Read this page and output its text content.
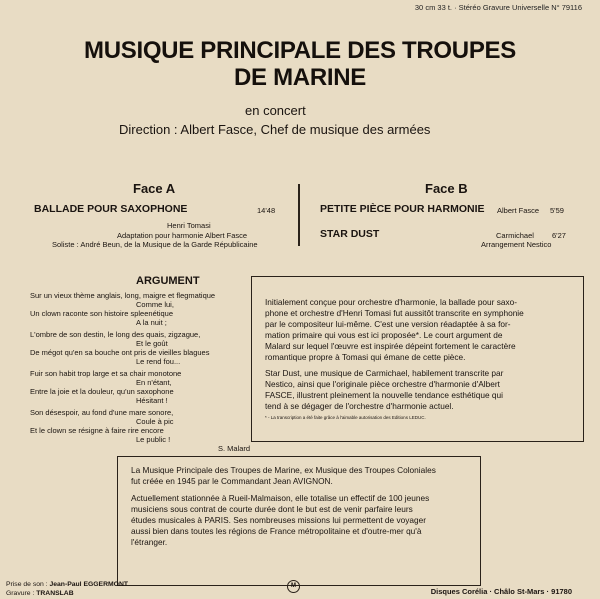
30 cm 33 t. · Stéréo Gravure Universelle N° 79116
MUSIQUE PRINCIPALE DES TROUPES
DE MARINE
en concert
Direction : Albert Fasce, Chef de musique des armées
Face A
BALLADE POUR SAXOPHONE	14'48
Henri Tomasi
Adaptation pour harmonie Albert Fasce
Soliste : André Beun, de la Musique de la Garde Républicaine
Face B
PETITE PIÈCE POUR HARMONIE Albert Fasce 5'59
STAR DUST	Carmichael 6'27
Arrangement Nestico
ARGUMENT
Sur un vieux thème anglais, long, maigre et flegmatique
Comme lui,
Un clown raconte son histoire spleenétique
A la nuit ;
L'ombre de son destin, le long des quais, zigzague,
Et le goût
De mégot qu'en sa bouche ont pris de vieilles blagues
Le rend fou...
Fuir son habit trop large et sa chair monotone
En n'étant,
Entre la joie et la douleur, qu'un saxophone
Hésitant !
Son désespoir, au fond d'une mare sonore,
Coule à pic
Et le clown se résigne à faire rire encore
Le public !
S. Malard

Initialement conçue pour orchestre d'harmonie, la ballade pour saxo-

phone et orchestre d'Henri Tomasi fut aussitôt transcrite en symphonie

par le compositeur lui-même. C'est une version réadaptée à sa for-

mation primaire qui vous est ici proposée*. Le court argument de

Malard sur lequel l'œuvre est inspirée dépeint fortement le caractère

romantique propre à Tomasi qui émane de cette pièce.

Star Dust, une musique de Carmichael, habilement transcrite par

Nestico, ainsi que l'originale pièce orchestre d'harmonie d'Albert

FASCE, illustrent pleinement la nouvelle tendance esthétique qui

tend à se dégager de l'orchestre d'harmonie actuel.

* - La transcription a été faite grâce à l'aimable autorisation des Editions LEDUC.

La Musique Principale des Troupes de Marine, ex Musique des Troupes Coloniales

fut créée en 1945 par le Commandant Jean AVIGNON.

Actuellement stationnée à Rueil-Malmaison, elle totalise un effectif de 100 jeunes

musiciens sous contrat de courte durée dont le but est de venir parfaire leurs

études musicales à PARIS. Ses nombreuses missions lui permettent de voyager

aussi bien dans toutes les régions de France métropolitaine et d'outre-mer qu'à

l'étranger.

Prise de son : Jean-Paul EGGERMONT
Gravure : TRANSLAB
M
Disques Corélia · Châlo St-Mars · 91780
